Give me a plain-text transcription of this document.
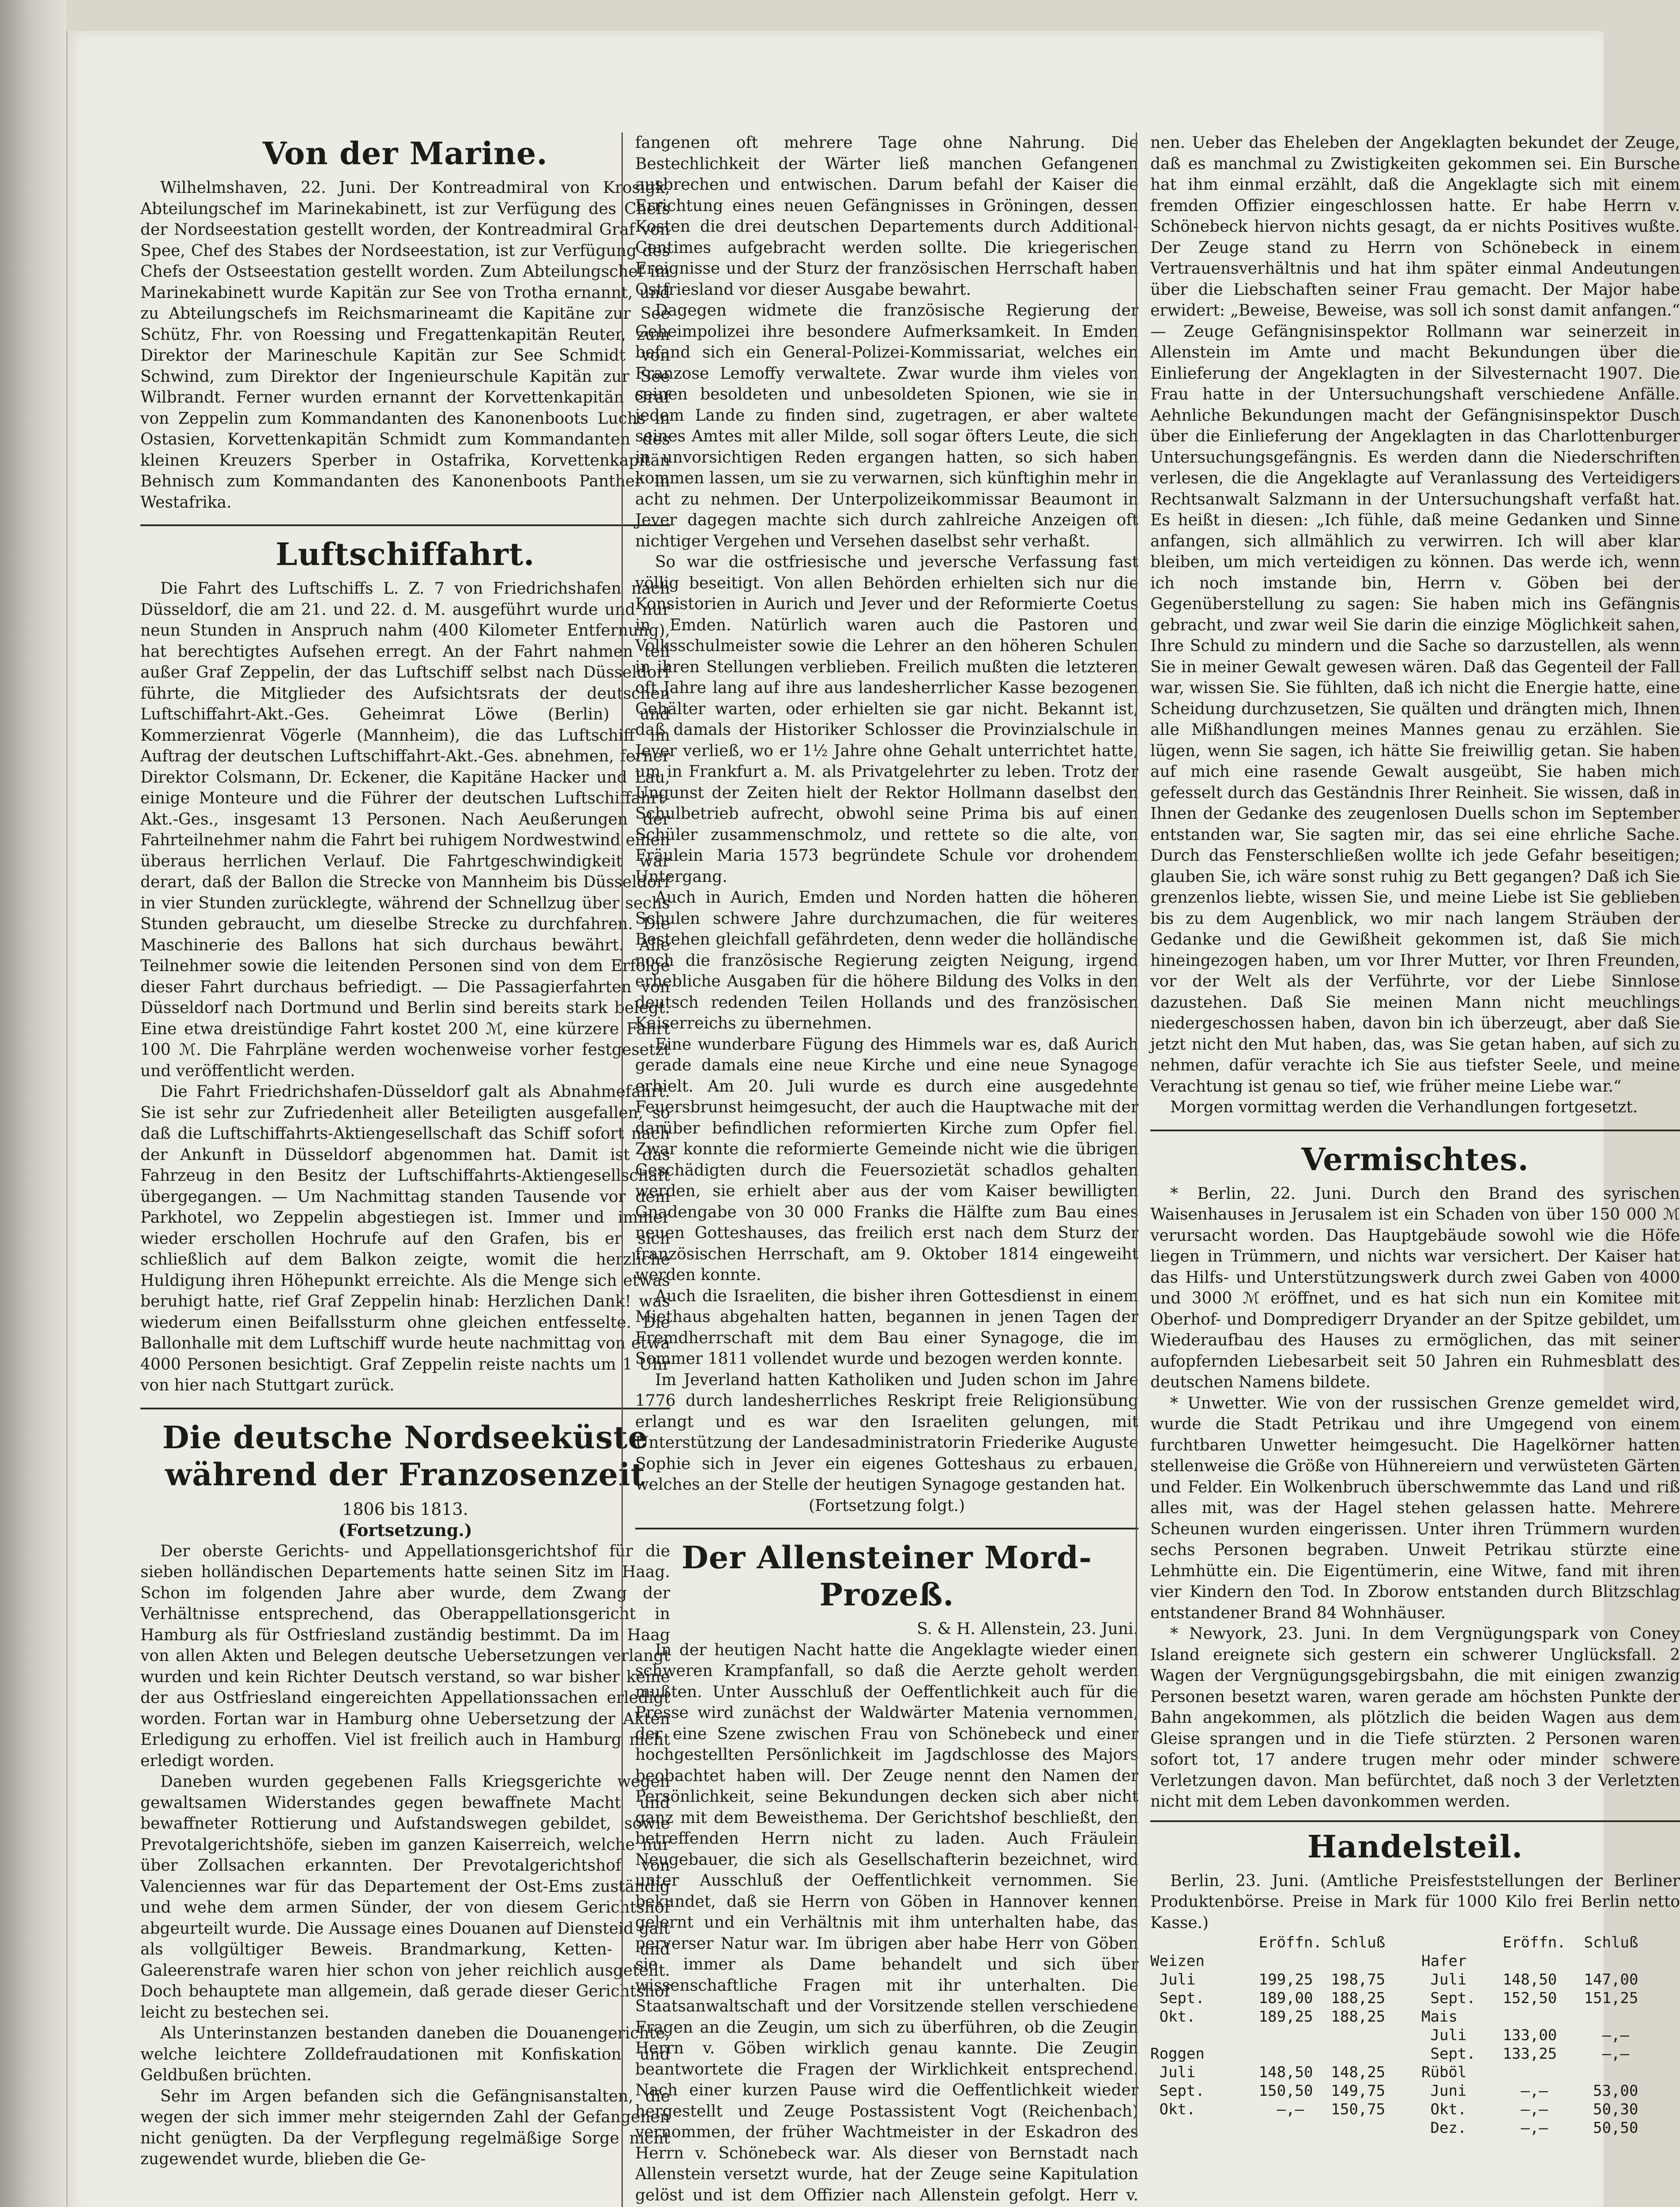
Von der Marine.

Wilhelmshaven, 22. Juni. Der Kontreadmiral von Krosigk, Abteilungschef im Marinekabinett, ist zur Verfügung des Chefs der Nordseestation gestellt worden, der Kontreadmiral Graf von Spee, Chef des Stabes der Nordseestation, ist zur Verfügung des Chefs der Ostseestation gestellt worden. Zum Abteilungschef im Marinekabinett wurde Kapitän zur See von Trotha ernannt, und zu Abteilungschefs im Reichsmarineamt die Kapitäne zur See Schütz, Fhr. von Roessing und Fregattenkapitän Reuter, zum Direktor der Marineschule Kapitän zur See Schmidt von Schwind, zum Direktor der Ingenieurschule Kapitän zur See Wilbrandt. Ferner wurden ernannt der Korvettenkapitän Graf von Zeppelin zum Kommandanten des Kanonenboots Luchs in Ostasien, Korvettenkapitän Schmidt zum Kommandanten des kleinen Kreuzers Sperber in Ostafrika, Korvettenkapitän Behnisch zum Kommandanten des Kanonenboots Panther in Westafrika.

Luftschiffahrt.

Die Fahrt des Luftschiffs L. Z. 7 von Friedrichshafen nach Düsseldorf, die am 21. und 22. d. M. ausgeführt wurde und nur neun Stunden in Anspruch nahm (400 Kilometer Entfernung), hat berechtigtes Aufsehen erregt. An der Fahrt nahmen teil außer Graf Zeppelin, der das Luftschiff selbst nach Düsseldorf führte, die Mitglieder des Aufsichtsrats der deutschen Luftschiffahrt-Akt.-Ges. Geheimrat Löwe (Berlin) und Kommerzienrat Vögerle (Mannheim), die das Luftschiff im Auftrag der deutschen Luftschiffahrt-Akt.-Ges. abnehmen, ferner Direktor Colsmann, Dr. Eckener, die Kapitäne Hacker und Lau, einige Monteure und die Führer der deutschen Luftschiffahrt-Akt.-Ges., insgesamt 13 Personen. Nach Aeußerungen der Fahrteilnehmer nahm die Fahrt bei ruhigem Nordwestwind einen überaus herrlichen Verlauf. Die Fahrtgeschwindigkeit war derart, daß der Ballon die Strecke von Mannheim bis Düsseldorf in vier Stunden zurücklegte, während der Schnellzug über sechs Stunden gebraucht, um dieselbe Strecke zu durchfahren. Die Maschinerie des Ballons hat sich durchaus bewährt. Alle Teilnehmer sowie die leitenden Personen sind von dem Erfolge dieser Fahrt durchaus befriedigt. — Die Passagierfahrten von Düsseldorf nach Dortmund und Berlin sind bereits stark belegt. Eine etwa dreistündige Fahrt kostet 200 ℳ, eine kürzere Fahrt 100 ℳ. Die Fahrpläne werden wochenweise vorher festgesetzt und veröffentlicht werden.

Die Fahrt Friedrichshafen-Düsseldorf galt als Abnahmefahrt. Sie ist sehr zur Zufriedenheit aller Beteiligten ausgefallen, so daß die Luftschiffahrts-Aktiengesellschaft das Schiff sofort nach der Ankunft in Düsseldorf abgenommen hat. Damit ist das Fahrzeug in den Besitz der Luftschiffahrts-Aktiengesellschaft übergegangen. — Um Nachmittag standen Tausende vor dem Parkhotel, wo Zeppelin abgestiegen ist. Immer und immer wieder erschollen Hochrufe auf den Grafen, bis er sich schließlich auf dem Balkon zeigte, womit die herzliche Huldigung ihren Höhepunkt erreichte. Als die Menge sich etwas beruhigt hatte, rief Graf Zeppelin hinab: Herzlichen Dank! was wiederum einen Beifallssturm ohne gleichen entfesselte. Die Ballonhalle mit dem Luftschiff wurde heute nachmittag von etwa 4000 Personen besichtigt. Graf Zeppelin reiste nachts um 1 Uhr von hier nach Stuttgart zurück.

Die deutsche Nordseeküste
während der Franzosenzeit
1806 bis 1813.
(Fortsetzung.)

Der oberste Gerichts- und Appellationsgerichtshof für die sieben holländischen Departements hatte seinen Sitz im Haag. Schon im folgenden Jahre aber wurde, dem Zwang der Verhältnisse entsprechend, das Oberappellationsgericht in Hamburg als für Ostfriesland zuständig bestimmt. Da im Haag von allen Akten und Belegen deutsche Uebersetzungen verlangt wurden und kein Richter Deutsch verstand, so war bisher keine der aus Ostfriesland eingereichten Appellationssachen erledigt worden. Fortan war in Hamburg ohne Uebersetzung der Akten Erledigung zu erhoffen. Viel ist freilich auch in Hamburg nicht erledigt worden.

Daneben wurden gegebenen Falls Kriegsgerichte wegen gewaltsamen Widerstandes gegen bewaffnete Macht und bewaffneter Rottierung und Aufstandswegen gebildet, sowie Prevotalgerichtshöfe, sieben im ganzen Kaiserreich, welche nur über Zollsachen erkannten. Der Prevotalgerichtshof von Valenciennes war für das Departement der Ost-Ems zuständig und wehe dem armen Sünder, der von diesem Gerichtshof abgeurteilt wurde. Die Aussage eines Douanen auf Diensteid galt als vollgültiger Beweis. Brandmarkung, Ketten- und Galeerenstrafe waren hier schon von jeher reichlich ausgeteilt. Doch behauptete man allgemein, daß gerade dieser Gerichtshof leicht zu bestechen sei.

Als Unterinstanzen bestanden daneben die Douanengerichte, welche leichtere Zolldefraudationen mit Konfiskation und Geldbußen brüchten.

Sehr im Argen befanden sich die Gefängnisanstalten, die wegen der sich immer mehr steigernden Zahl der Gefangenen nicht genügten. Da der Verpflegung regelmäßige Sorge nicht zugewendet wurde, blieben die Ge-

fangenen oft mehrere Tage ohne Nahrung. Die Bestechlichkeit der Wärter ließ manchen Gefangenen ausbrechen und entwischen. Darum befahl der Kaiser die Errichtung eines neuen Gefängnisses in Gröningen, dessen Kosten die drei deutschen Departements durch Additional-Centimes aufgebracht werden sollte. Die kriegerischen Ereignisse und der Sturz der französischen Herrschaft haben Ostfriesland vor dieser Ausgabe bewahrt.

Dagegen widmete die französische Regierung der Geheimpolizei ihre besondere Aufmerksamkeit. In Emden befand sich ein General-Polizei-Kommissariat, welches ein Franzose Lemoffy verwaltete. Zwar wurde ihm vieles von seinen besoldeten und unbesoldeten Spionen, wie sie in jedem Lande zu finden sind, zugetragen, er aber waltete seines Amtes mit aller Milde, soll sogar öfters Leute, die sich in unvorsichtigen Reden ergangen hatten, so sich haben kommen lassen, um sie zu verwarnen, sich künftighin mehr in acht zu nehmen. Der Unterpolizeikommissar Beaumont in Jever dagegen machte sich durch zahlreiche Anzeigen oft nichtiger Vergehen und Versehen daselbst sehr verhaßt.

So war die ostfriesische und jeversche Verfassung fast völlig beseitigt. Von allen Behörden erhielten sich nur die Konsistorien in Aurich und Jever und der Reformierte Coetus in Emden. Natürlich waren auch die Pastoren und Volksschulmeister sowie die Lehrer an den höheren Schulen in ihren Stellungen verblieben. Freilich mußten die letzteren oft Jahre lang auf ihre aus landesherrlicher Kasse bezogenen Gehälter warten, oder erhielten sie gar nicht. Bekannt ist, daß damals der Historiker Schlosser die Provinzialschule in Jever verließ, wo er 1½ Jahre ohne Gehalt unterrichtet hatte, um in Frankfurt a. M. als Privatgelehrter zu leben. Trotz der Ungunst der Zeiten hielt der Rektor Hollmann daselbst den Schulbetrieb aufrecht, obwohl seine Prima bis auf einen Schüler zusammenschmolz, und rettete so die alte, von Fräulein Maria 1573 begründete Schule vor drohendem Untergang.

Auch in Aurich, Emden und Norden hatten die höheren Schulen schwere Jahre durchzumachen, die für weiteres Bestehen gleichfall gefährdeten, denn weder die holländische noch die französische Regierung zeigten Neigung, irgend erhebliche Ausgaben für die höhere Bildung des Volks in den deutsch redenden Teilen Hollands und des französischen Kaiserreichs zu übernehmen.

Eine wunderbare Fügung des Himmels war es, daß Aurich gerade damals eine neue Kirche und eine neue Synagoge erhielt. Am 20. Juli wurde es durch eine ausgedehnte Feuersbrunst heimgesucht, der auch die Hauptwache mit der darüber befindlichen reformierten Kirche zum Opfer fiel. Zwar konnte die reformierte Gemeinde nicht wie die übrigen Geschädigten durch die Feuersozietät schadlos gehalten werden, sie erhielt aber aus der vom Kaiser bewilligten Gnadengabe von 30 000 Franks die Hälfte zum Bau eines neuen Gotteshauses, das freilich erst nach dem Sturz der französischen Herrschaft, am 9. Oktober 1814 eingeweiht werden konnte.

Auch die Israeliten, die bisher ihren Gottesdienst in einem Miethaus abgehalten hatten, begannen in jenen Tagen der Fremdherrschaft mit dem Bau einer Synagoge, die im Sommer 1811 vollendet wurde und bezogen werden konnte.

Im Jeverland hatten Katholiken und Juden schon im Jahre 1776 durch landesherrliches Reskript freie Religionsübung erlangt und es war den Israeliten gelungen, mit Unterstützung der Landesadministratorin Friederike Auguste Sophie sich in Jever ein eigenes Gotteshaus zu erbauen, welches an der Stelle der heutigen Synagoge gestanden hat.

(Fortsetzung folgt.)
Der Allensteiner Mord-Prozeß.
S. & H. Allenstein, 23. Juni.

In der heutigen Nacht hatte die Angeklagte wieder einen schweren Krampfanfall, so daß die Aerzte geholt werden mußten. Unter Ausschluß der Oeffentlichkeit auch für die Presse wird zunächst der Waldwärter Matenia vernommen, der eine Szene zwischen Frau von Schönebeck und einer hochgestellten Persönlichkeit im Jagdschlosse des Majors beobachtet haben will. Der Zeuge nennt den Namen der Persönlichkeit, seine Bekundungen decken sich aber nicht ganz mit dem Beweisthema. Der Gerichtshof beschließt, den betreffenden Herrn nicht zu laden. Auch Fräulein Neugebauer, die sich als Gesellschafterin bezeichnet, wird unter Ausschluß der Oeffentlichkeit vernommen. Sie bekundet, daß sie Herrn von Göben in Hannover kennen gelernt und ein Verhältnis mit ihm unterhalten habe, das perverser Natur war. Im übrigen aber habe Herr von Göben sie immer als Dame behandelt und sich über wissenschaftliche Fragen mit ihr unterhalten. Die Staatsanwaltschaft und der Vorsitzende stellen verschiedene Fragen an die Zeugin, um sich zu überführen, ob die Zeugin Herrn v. Göben wirklich genau kannte. Die Zeugin beantwortete die Fragen der Wirklichkeit entsprechend. Nach einer kurzen Pause wird die Oeffentlichkeit wieder hergestellt und Zeuge Postassistent Vogt (Reichenbach) vernommen, der früher Wachtmeister in der Eskadron des Herrn v. Schönebeck war. Als dieser von Bernstadt nach Allenstein versetzt wurde, hat der Zeuge seine Kapitulation gelöst und ist dem Offizier nach Allenstein gefolgt. Herr v.

nen. Ueber das Eheleben der Angeklagten bekundet der Zeuge, daß es manchmal zu Zwistigkeiten gekommen sei. Ein Bursche hat ihm einmal erzählt, daß die Angeklagte sich mit einem fremden Offizier eingeschlossen hatte. Er habe Herrn v. Schönebeck hiervon nichts gesagt, da er nichts Positives wußte. Der Zeuge stand zu Herrn von Schönebeck in einem Vertrauensverhältnis und hat ihm später einmal Andeutungen über die Liebschaften seiner Frau gemacht. Der Major habe erwidert: „Beweise, Beweise, was soll ich sonst damit anfangen.“ — Zeuge Gefängnisinspektor Rollmann war seinerzeit in Allenstein im Amte und macht Bekundungen über die Einlieferung der Angeklagten in der Silvesternacht 1907. Die Frau hatte in der Untersuchungshaft verschiedene Anfälle. Aehnliche Bekundungen macht der Gefängnisinspektor Dusch über die Einlieferung der Angeklagten in das Charlottenburger Untersuchungsgefängnis. Es werden dann die Niederschriften verlesen, die die Angeklagte auf Veranlassung des Verteidigers Rechtsanwalt Salzmann in der Untersuchungshaft verfaßt hat. Es heißt in diesen: „Ich fühle, daß meine Gedanken und Sinne anfangen, sich allmählich zu verwirren. Ich will aber klar bleiben, um mich verteidigen zu können. Das werde ich, wenn ich noch imstande bin, Herrn v. Göben bei der Gegenüberstellung zu sagen: Sie haben mich ins Gefängnis gebracht, und zwar weil Sie darin die einzige Möglichkeit sahen, Ihre Schuld zu mindern und die Sache so darzustellen, als wenn Sie in meiner Gewalt gewesen wären. Daß das Gegenteil der Fall war, wissen Sie. Sie fühlten, daß ich nicht die Energie hatte, eine Scheidung durchzusetzen, Sie quälten und drängten mich, Ihnen alle Mißhandlungen meines Mannes genau zu erzählen. Sie lügen, wenn Sie sagen, ich hätte Sie freiwillig getan. Sie haben auf mich eine rasende Gewalt ausgeübt, Sie haben mich gefesselt durch das Geständnis Ihrer Reinheit. Sie wissen, daß in Ihnen der Gedanke des zeugenlosen Duells schon im September entstanden war, Sie sagten mir, das sei eine ehrliche Sache. Durch das Fensterschließen wollte ich jede Gefahr beseitigen; glauben Sie, ich wäre sonst ruhig zu Bett gegangen? Daß ich Sie grenzenlos liebte, wissen Sie, und meine Liebe ist Sie geblieben bis zu dem Augenblick, wo mir nach langem Sträuben der Gedanke und die Gewißheit gekommen ist, daß Sie mich hineingezogen haben, um vor Ihrer Mutter, vor Ihren Freunden, vor der Welt als der Verführte, vor der Liebe Sinnlose dazustehen. Daß Sie meinen Mann nicht meuchlings niedergeschossen haben, davon bin ich überzeugt, aber daß Sie jetzt nicht den Mut haben, das, was Sie getan haben, auf sich zu nehmen, dafür verachte ich Sie aus tiefster Seele, und meine Verachtung ist genau so tief, wie früher meine Liebe war.“

Morgen vormittag werden die Verhandlungen fortgesetzt.

Vermischtes.

* Berlin, 22. Juni. Durch den Brand des syrischen Waisenhauses in Jerusalem ist ein Schaden von über 150 000 ℳ verursacht worden. Das Hauptgebäude sowohl wie die Höfe liegen in Trümmern, und nichts war versichert. Der Kaiser hat das Hilfs- und Unterstützungswerk durch zwei Gaben von 4000 und 3000 ℳ eröffnet, und es hat sich nun ein Komitee mit Oberhof- und Dompredigerr Dryander an der Spitze gebildet, um Wiederaufbau des Hauses zu ermöglichen, das mit seiner aufopfernden Liebesarbeit seit 50 Jahren ein Ruhmesblatt des deutschen Namens bildete.

* Unwetter. Wie von der russischen Grenze gemeldet wird, wurde die Stadt Petrikau und ihre Umgegend von einem furchtbaren Unwetter heimgesucht. Die Hagelkörner hatten stellenweise die Größe von Hühnereiern und verwüsteten Gärten und Felder. Ein Wolkenbruch überschwemmte das Land und riß alles mit, was der Hagel stehen gelassen hatte. Mehrere Scheunen wurden eingerissen. Unter ihren Trümmern wurden sechs Personen begraben. Unweit Petrikau stürzte eine Lehmhütte ein. Die Eigentümerin, eine Witwe, fand mit ihren vier Kindern den Tod. In Zborow entstanden durch Blitzschlag entstandener Brand 84 Wohnhäuser.

* Newyork, 23. Juni. In dem Vergnügungspark von Coney Island ereignete sich gestern ein schwerer Unglücksfall. 2 Wagen der Vergnügungsgebirgsbahn, die mit einigen zwanzig Personen besetzt waren, waren gerade am höchsten Punkte der Bahn angekommen, als plötzlich die beiden Wagen aus dem Gleise sprangen und in die Tiefe stürzten. 2 Personen waren sofort tot, 17 andere trugen mehr oder minder schwere Verletzungen davon. Man befürchtet, daß noch 3 der Verletzten nicht mit dem Leben davonkommen werden.

Handelsteil.

Berlin, 23. Juni. (Amtliche Preisfeststellungen der Berliner Produktenbörse. Preise in Mark für 1000 Kilo frei Berlin netto Kasse.)

Eröffn. Schluß             Eröffn.  Schluß
Weizen                        Hafer
Juli       199,25  198,75     Juli    148,50   147,00
Sept.      189,00  188,25     Sept.   152,50   151,25
Okt.       189,25  188,25    Mais
Juli    133,00     —,—
Roggen                         Sept.   133,25     —,—
Juli       148,50  148,25    Rüböl
Sept.      150,50  149,75     Juni      —,—     53,00
Okt.         —,—   150,75     Okt.      —,—     50,30
Dez.      —,—     50,50
